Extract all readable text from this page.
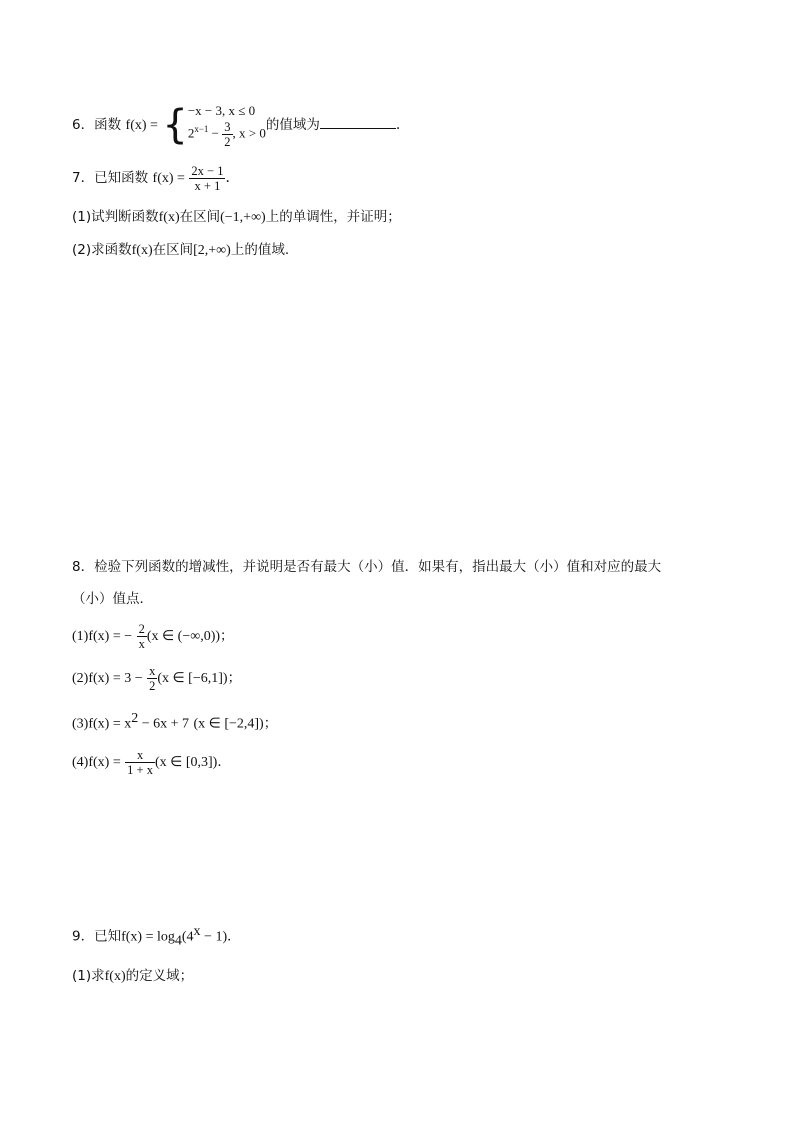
6．函数 f(x) = { −x − 3, x ≤ 0
$2^{x-1} - \frac{3}{2}$ , x > 0 的值域为	.
7．已知函数 $f(x) = \frac{2x - 1}{x + 1}$ ．
(1)试判断函数f(x)在区间(−1,+∞)上的单调性，并证明；
(2)求函数f(x)在区间[2,+∞)上的值域.
8．检验下列函数的增减性，并说明是否有最大（小）值．如果有，指出最大（小）值和对应的最大
（小）值点．
(1)f(x) = − $\frac{2}{x} (x$ ∈ (−∞,0))；
$(2)f(x) = 3 - \frac{x}{2} (x$ ∈ [−6,1])；
$(3)f(x) = x^2 - 6x + 7$ (x ∈ [−2,4])；
$(4)f(x) = \frac{x}{1 + x} (x$ ∈ [0,3])．
9．已知$f(x) = \log_4(4^x - 1)$．
(1)求f(x)的定义域；
